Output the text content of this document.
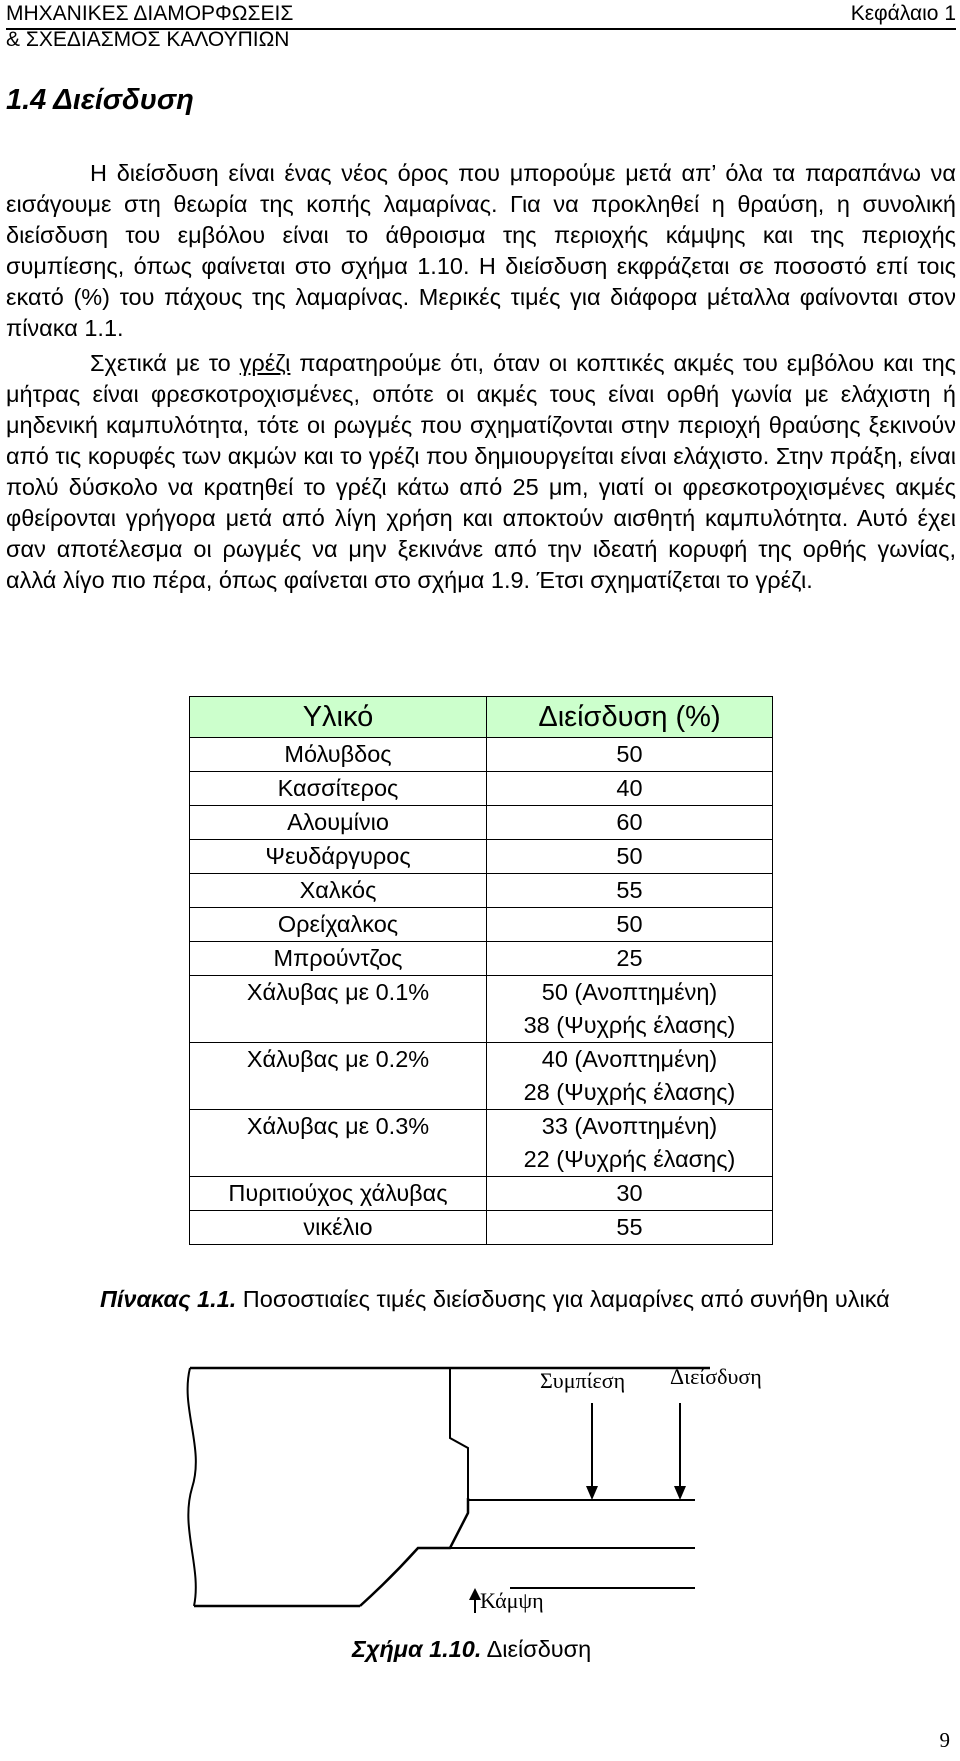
ΜΗΧΑΝΙΚΕΣ ΔΙΑΜΟΡΦΩΣΕΙΣ	Κεφάλαιο 1
& ΣΧΕΔΙΑΣΜΟΣ ΚΑΛΟΥΠΙΩΝ
1.4 Διείσδυση

Η διείσδυση είναι ένας νέος όρος που μπορούμε μετά απ’ όλα τα παραπάνω να εισάγουμε στη θεωρία της κοπής λαμαρίνας. Για να προκληθεί η θραύση, η συνολική διείσδυση του εμβόλου είναι το άθροισμα της περιοχής κάμψης και της περιοχής συμπίεσης, όπως φαίνεται στο σχήμα 1.10. Η διείσδυση εκφράζεται σε ποσοστό επί τοις εκατό (%) του πάχους της λαμαρίνας. Μερικές τιμές για διάφορα μέταλλα φαίνονται στον πίνακα 1.1.

Σχετικά με το γρέζι παρατηρούμε ότι, όταν οι κοπτικές ακμές του εμβόλου και της μήτρας είναι φρεσκοτροχισμένες, οπότε οι ακμές τους είναι ορθή γωνία με ελάχιστη ή μηδενική καμπυλότητα, τότε οι ρωγμές που σχηματίζονται στην περιοχή θραύσης ξεκινούν από τις κορυφές των ακμών και το γρέζι που δημιουργείται είναι ελάχιστο. Στην πράξη, είναι πολύ δύσκολο να κρατηθεί το γρέζι κάτω από 25 μm, γιατί οι φρεσκοτροχισμένες ακμές φθείρονται γρήγορα μετά από λίγη χρήση και αποκτούν αισθητή καμπυλότητα. Αυτό έχει σαν αποτέλεσμα οι ρωγμές να μην ξεκινάνε από την ιδεατή κορυφή της ορθής γωνίας, αλλά λίγο πιο πέρα, όπως φαίνεται στο σχήμα 1.9. Έτσι σχηματίζεται το γρέζι.

Υλικό	Διείσδυση (%)
Μόλυβδος	50

Κασσίτερος	40

Αλουμίνιο	60

Ψευδάργυρος	50

Χαλκός	55

Ορείχαλκος	50

Μπρούντζος	25

Χάλυβας με 0.1%	50 (Ανοπτημένη)
38 (Ψυχρής έλασης)

Χάλυβας με 0.2%	40 (Ανοπτημένη)
28 (Ψυχρής έλασης)

Χάλυβας με 0.3%	33 (Ανοπτημένη)
22 (Ψυχρής έλασης)

Πυριτιούχος χάλυβας	30

νικέλιο	55
Πίνακας 1.1. Ποσοστιαίες τιμές διείσδυσης για λαμαρίνες από συνήθη υλικά
Συμπίεση Διείσδυση
Κάμψη
Σχήμα 1.10. Διείσδυση
9
